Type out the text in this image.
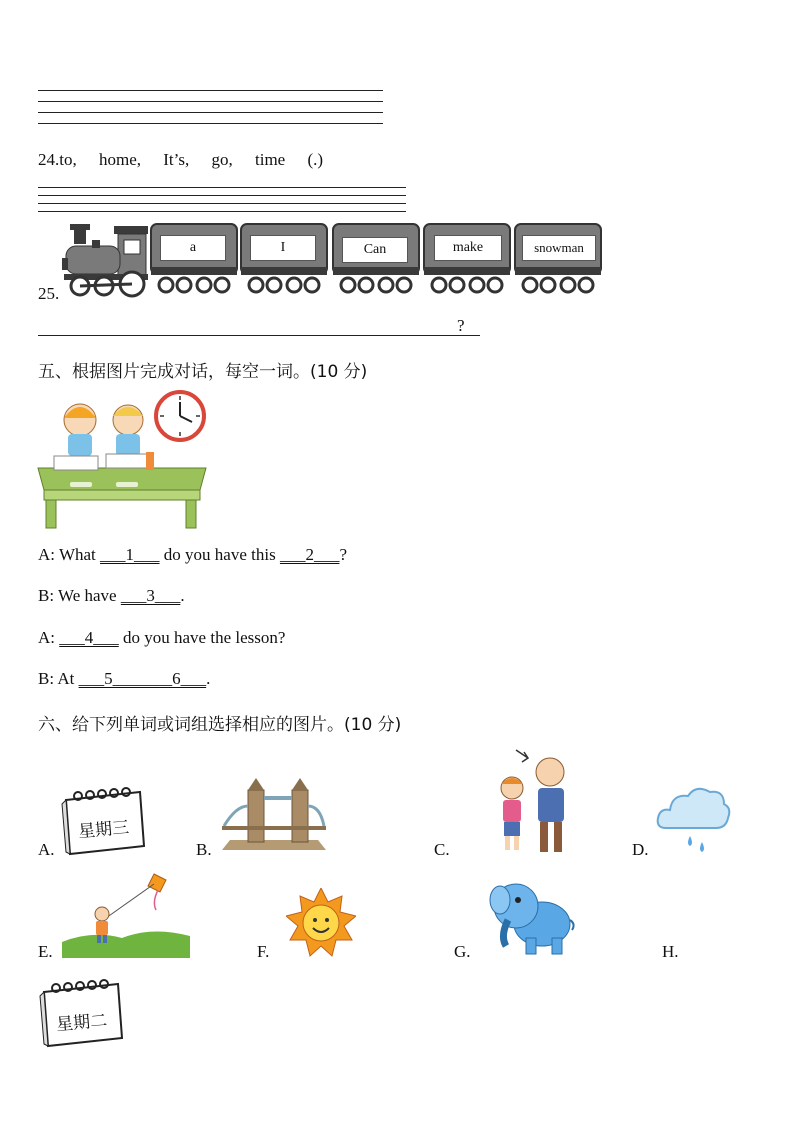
24.to, home, It’s, go, time (.)
25.
a	I	Can	make	snowman
?
五、根据图片完成对话，每空一词。(10 分)
A: What ___1___ do you have this ___2___?
B: We have ___3___.
A: ___4___ do you have the lesson?
B: At ___5_______6___.
六、给下列单词或词组选择相应的图片。(10 分)
A.
星期三
B.	C.	D.
E.	F.	G.	H.
星期二
